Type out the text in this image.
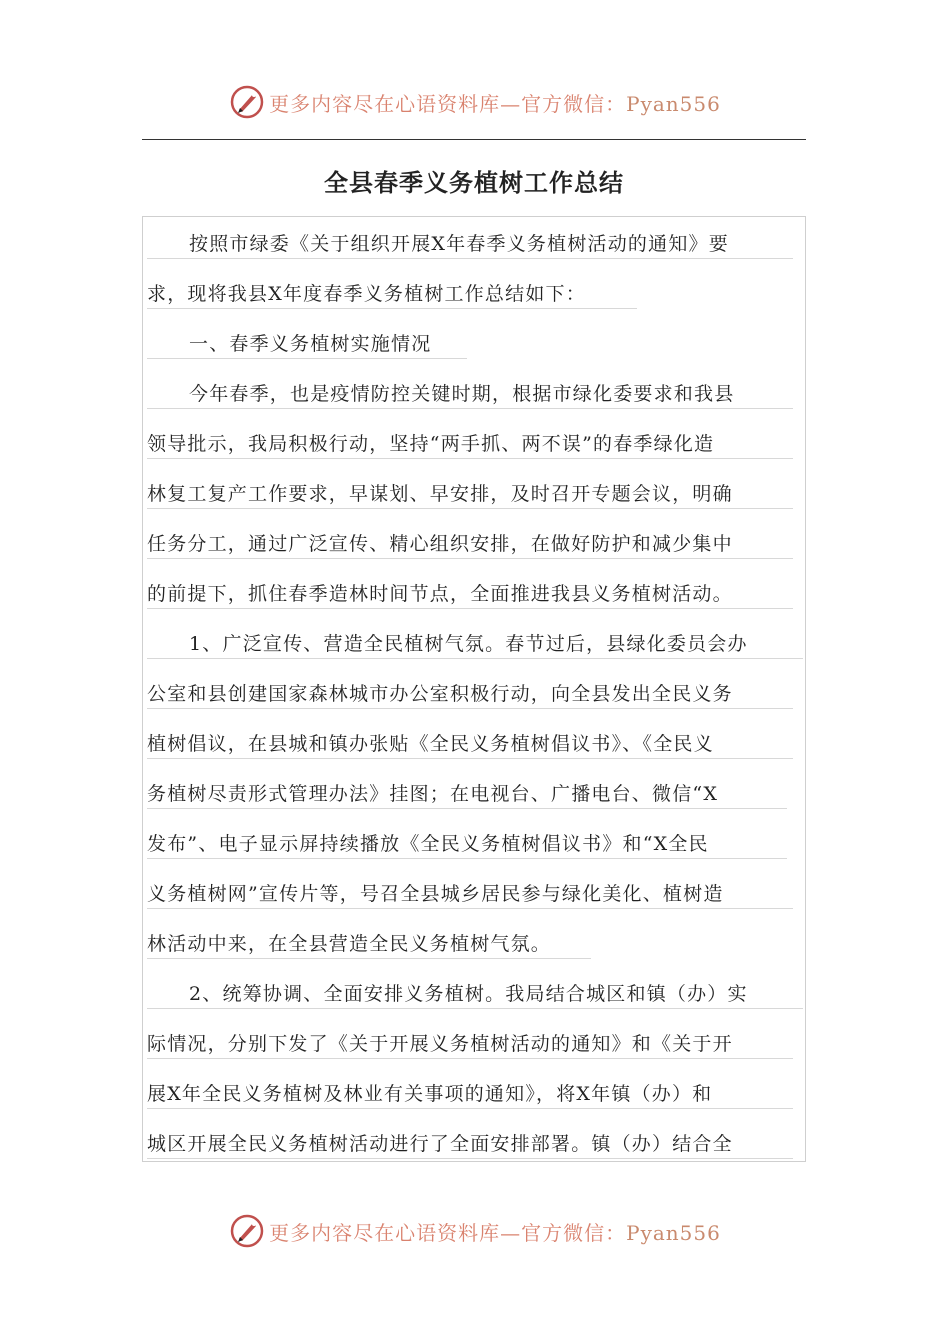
更多内容尽在心语资料库—官方微信：Pyan556
全县春季义务植树工作总结
按照市绿委《关于组织开展X年春季义务植树活动的通知》要
求，现将我县X年度春季义务植树工作总结如下：
一、春季义务植树实施情况
今年春季，也是疫情防控关键时期，根据市绿化委要求和我县
领导批示，我局积极行动，坚持“两手抓、两不误”的春季绿化造
林复工复产工作要求，早谋划、早安排，及时召开专题会议，明确
任务分工，通过广泛宣传、精心组织安排，在做好防护和减少集中
的前提下，抓住春季造林时间节点，全面推进我县义务植树活动。
1、广泛宣传、营造全民植树气氛。春节过后，县绿化委员会办
公室和县创建国家森林城市办公室积极行动，向全县发出全民义务
植树倡议，在县城和镇办张贴《全民义务植树倡议书》、《全民义
务植树尽责形式管理办法》挂图；在电视台、广播电台、微信“X
发布”、电子显示屏持续播放《全民义务植树倡议书》和“X全民
义务植树网”宣传片等，号召全县城乡居民参与绿化美化、植树造
林活动中来，在全县营造全民义务植树气氛。
2、统筹协调、全面安排义务植树。我局结合城区和镇（办）实
际情况，分别下发了《关于开展义务植树活动的通知》和《关于开
展X年全民义务植树及林业有关事项的通知》，将X年镇（办）和
城区开展全民义务植树活动进行了全面安排部署。镇（办）结合全
更多内容尽在心语资料库—官方微信：Pyan556
